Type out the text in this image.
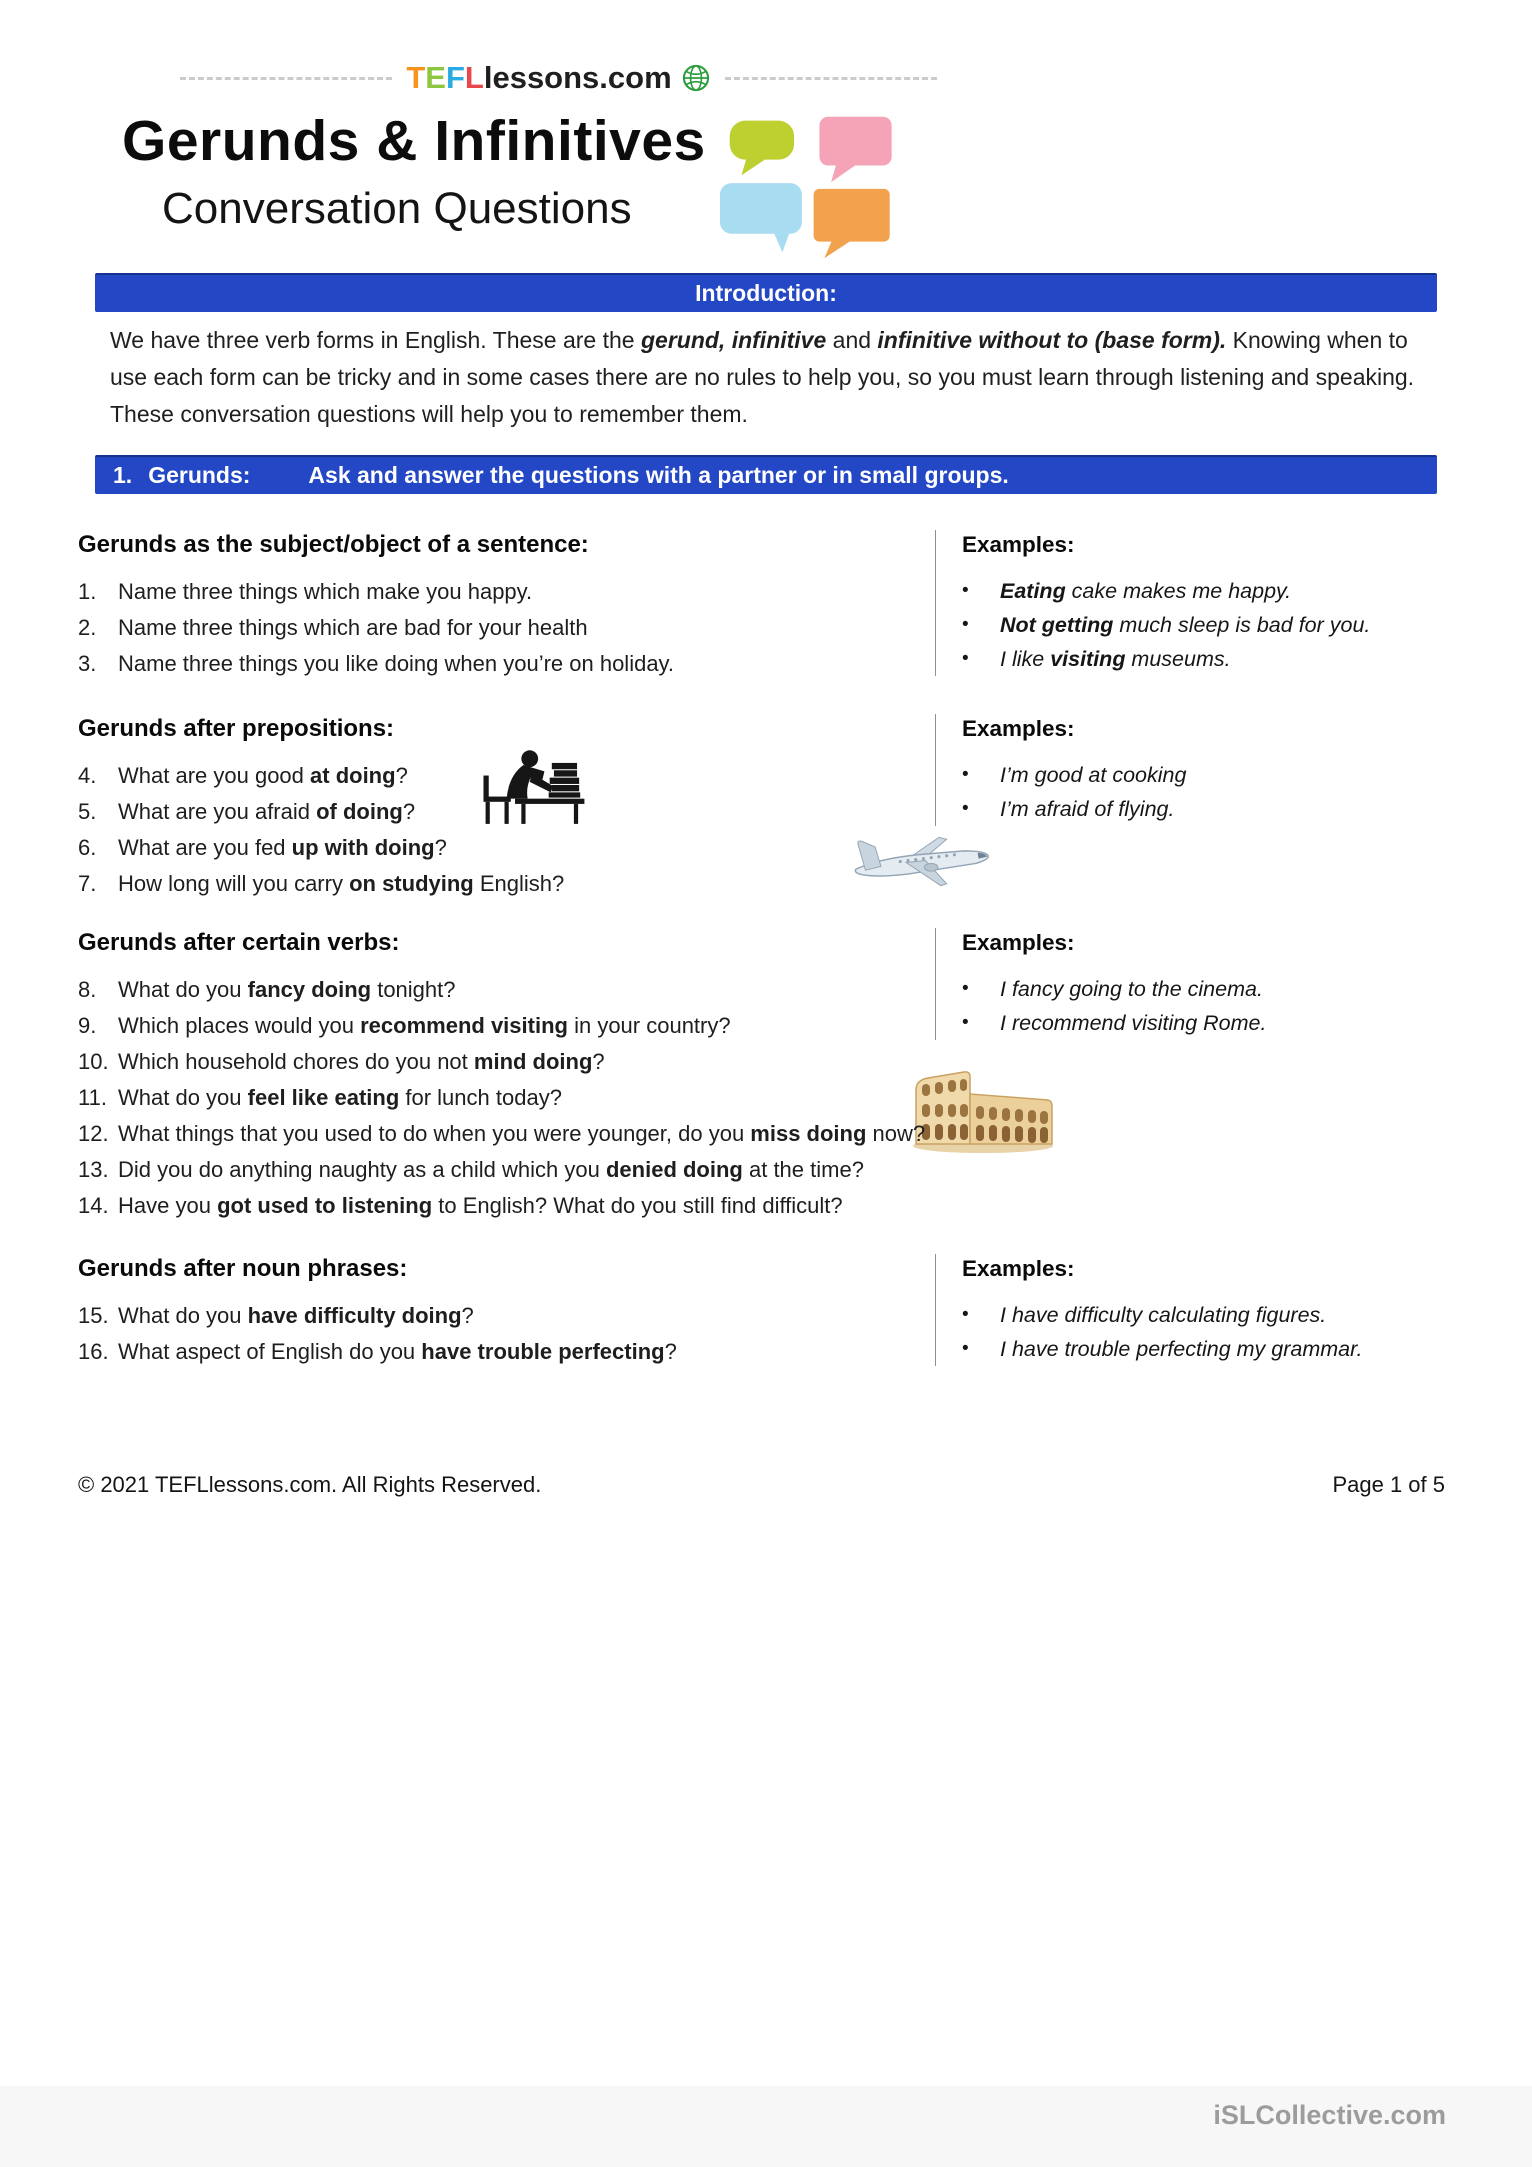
TEFL lessons.com
Gerunds & Infinitives
Conversation Questions
Introduction:

We have three verb forms in English. These are the gerund, infinitive and infinitive without to (base form). Knowing when to use each form can be tricky and in some cases there are no rules to help you, so you must learn through listening and speaking. These conversation questions will help you to remember them.

1. Gerunds:	Ask and answer the questions with a partner or in small groups.
Gerunds as the subject/object of a sentence:
1. Name three things which make you happy.
2. Name three things which are bad for your health
3. Name three things you like doing when you’re on holiday.
Examples:
•	Eating cake makes me happy.
•	Not getting much sleep is bad for you.
•	I like visiting museums.
Gerunds after prepositions:
4. What are you good at doing?
5. What are you afraid of doing?
6. What are you fed up with doing?
7. How long will you carry on studying English?
Examples:
•	I’m good at cooking
•	I’m afraid of flying.
Gerunds after certain verbs:
8. What do you fancy doing tonight?
9. Which places would you recommend visiting in your country?
10. Which household chores do you not mind doing?
11. What do you feel like eating for lunch today?
Examples:
•	I fancy going to the cinema.
•	I recommend visiting Rome.
12. What things that you used to do when you were younger, do you miss doing now?
13. Did you do anything naughty as a child which you denied doing at the time?
14. Have you got used to listening to English? What do you still find difficult?
Gerunds after noun phrases:
15. What do you have difficulty doing?
16. What aspect of English do you have trouble perfecting?
Examples:
•	I have difficulty calculating figures.
•	I have trouble perfecting my grammar.
© 2021 TEFLlessons.com. All Rights Reserved.	Page 1 of 5
iSLCollective.com
